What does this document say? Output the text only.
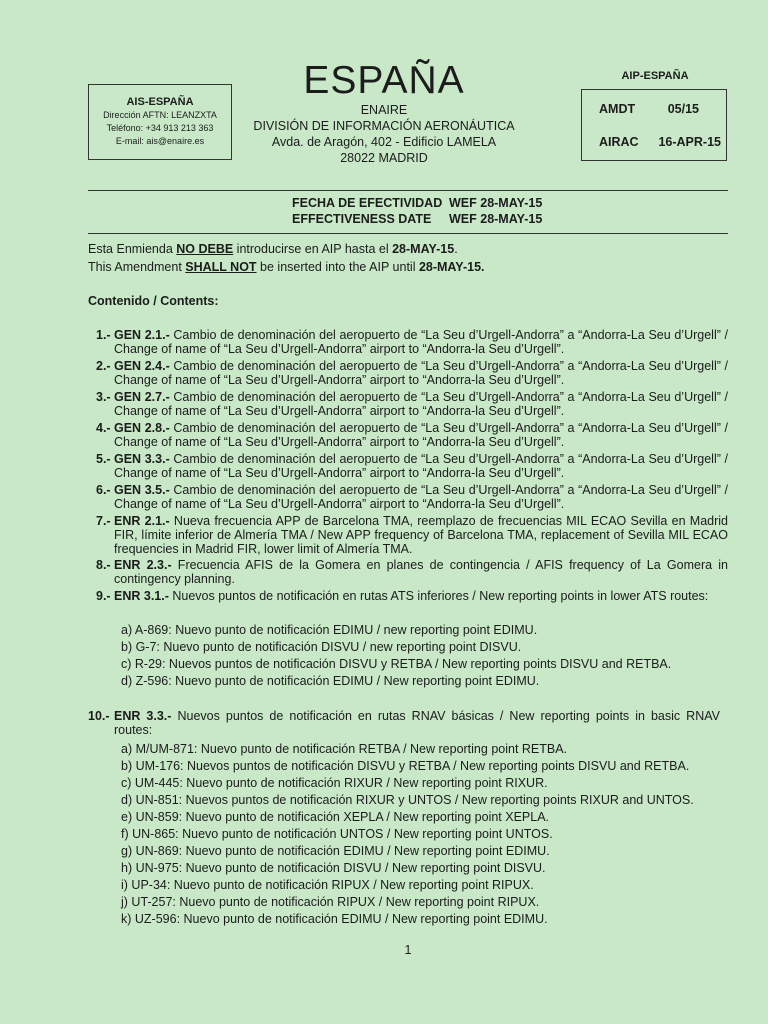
AIS-ESPAÑA
Dirección AFTN: LEANZXTA
Teléfono: +34 913 213 363
E-mail: ais@enaire.es
ESPAÑA
ENAIRE
DIVISIÓN DE INFORMACIÓN AERONÁUTICA
Avda. de Aragón, 402 - Edificio LAMELA
28022 MADRID
AIP-ESPAÑA
AMDT	05/15
AIRAC	16-APR-15
FECHA DE EFECTIVIDAD WEF 28-MAY-15
EFFECTIVENESS DATE WEF 28-MAY-15
Esta Enmienda NO DEBE introducirse en AIP hasta el 28-MAY-15.
This Amendment SHALL NOT be inserted into the AIP until 28-MAY-15.
Contenido / Contents:
1.- GEN 2.1.- Cambio de denominación del aeropuerto de “La Seu d’Urgell-Andorra” a “Andorra-La Seu d’Urgell” / Change of name of “La Seu d’Urgell-Andorra” airport to “Andorra-la Seu d’Urgell”.
2.- GEN 2.4.- Cambio de denominación del aeropuerto de “La Seu d’Urgell-Andorra” a “Andorra-La Seu d’Urgell” / Change of name of “La Seu d’Urgell-Andorra” airport to “Andorra-la Seu d’Urgell”.
3.- GEN 2.7.- Cambio de denominación del aeropuerto de “La Seu d’Urgell-Andorra” a “Andorra-La Seu d’Urgell” / Change of name of “La Seu d’Urgell-Andorra” airport to “Andorra-la Seu d’Urgell”.
4.- GEN 2.8.- Cambio de denominación del aeropuerto de “La Seu d’Urgell-Andorra” a “Andorra-La Seu d’Urgell” / Change of name of “La Seu d’Urgell-Andorra” airport to “Andorra-la Seu d’Urgell”.
5.- GEN 3.3.- Cambio de denominación del aeropuerto de “La Seu d’Urgell-Andorra” a “Andorra-La Seu d’Urgell” / Change of name of “La Seu d’Urgell-Andorra” airport to “Andorra-la Seu d’Urgell”.
6.- GEN 3.5.- Cambio de denominación del aeropuerto de “La Seu d’Urgell-Andorra” a “Andorra-La Seu d’Urgell” / Change of name of “La Seu d’Urgell-Andorra” airport to “Andorra-la Seu d’Urgell”.
7.- ENR 2.1.- Nueva frecuencia APP de Barcelona TMA, reemplazo de frecuencias MIL ECAO Sevilla en Madrid FIR, límite inferior de Almería TMA / New APP frequency of Barcelona TMA, replacement of Sevilla MIL ECAO frequencies in Madrid FIR, lower limit of Almería TMA.
8.- ENR 2.3.- Frecuencia AFIS de la Gomera en planes de contingencia / AFIS frequency of La Gomera in contingency planning.
9.- ENR 3.1.- Nuevos puntos de notificación en rutas ATS inferiores / New reporting points in lower ATS routes:
a) A-869: Nuevo punto de notificación EDIMU / new reporting point EDIMU.
b) G-7: Nuevo punto de notificación DISVU / new reporting point DISVU.
c) R-29: Nuevos puntos de notificación DISVU y RETBA / New reporting points DISVU and RETBA.
d) Z-596: Nuevo punto de notificación EDIMU / New reporting point EDIMU.
10.- ENR 3.3.- Nuevos puntos de notificación en rutas RNAV básicas / New reporting points in basic RNAV routes:
a) M/UM-871: Nuevo punto de notificación RETBA / New reporting point RETBA.
b) UM-176: Nuevos puntos de notificación DISVU y RETBA / New reporting points DISVU and RETBA.
c) UM-445: Nuevo punto de notificación RIXUR / New reporting point RIXUR.
d) UN-851: Nuevos puntos de notificación RIXUR y UNTOS / New reporting points RIXUR and UNTOS.
e) UN-859: Nuevo punto de notificación XEPLA / New reporting point XEPLA.
f) UN-865: Nuevo punto de notificación UNTOS / New reporting point UNTOS.
g) UN-869: Nuevo punto de notificación EDIMU / New reporting point EDIMU.
h) UN-975: Nuevo punto de notificación DISVU / New reporting point DISVU.
i) UP-34: Nuevo punto de notificación RIPUX / New reporting point RIPUX.
j) UT-257: Nuevo punto de notificación RIPUX / New reporting point RIPUX.
k) UZ-596: Nuevo punto de notificación EDIMU / New reporting point EDIMU.
1
